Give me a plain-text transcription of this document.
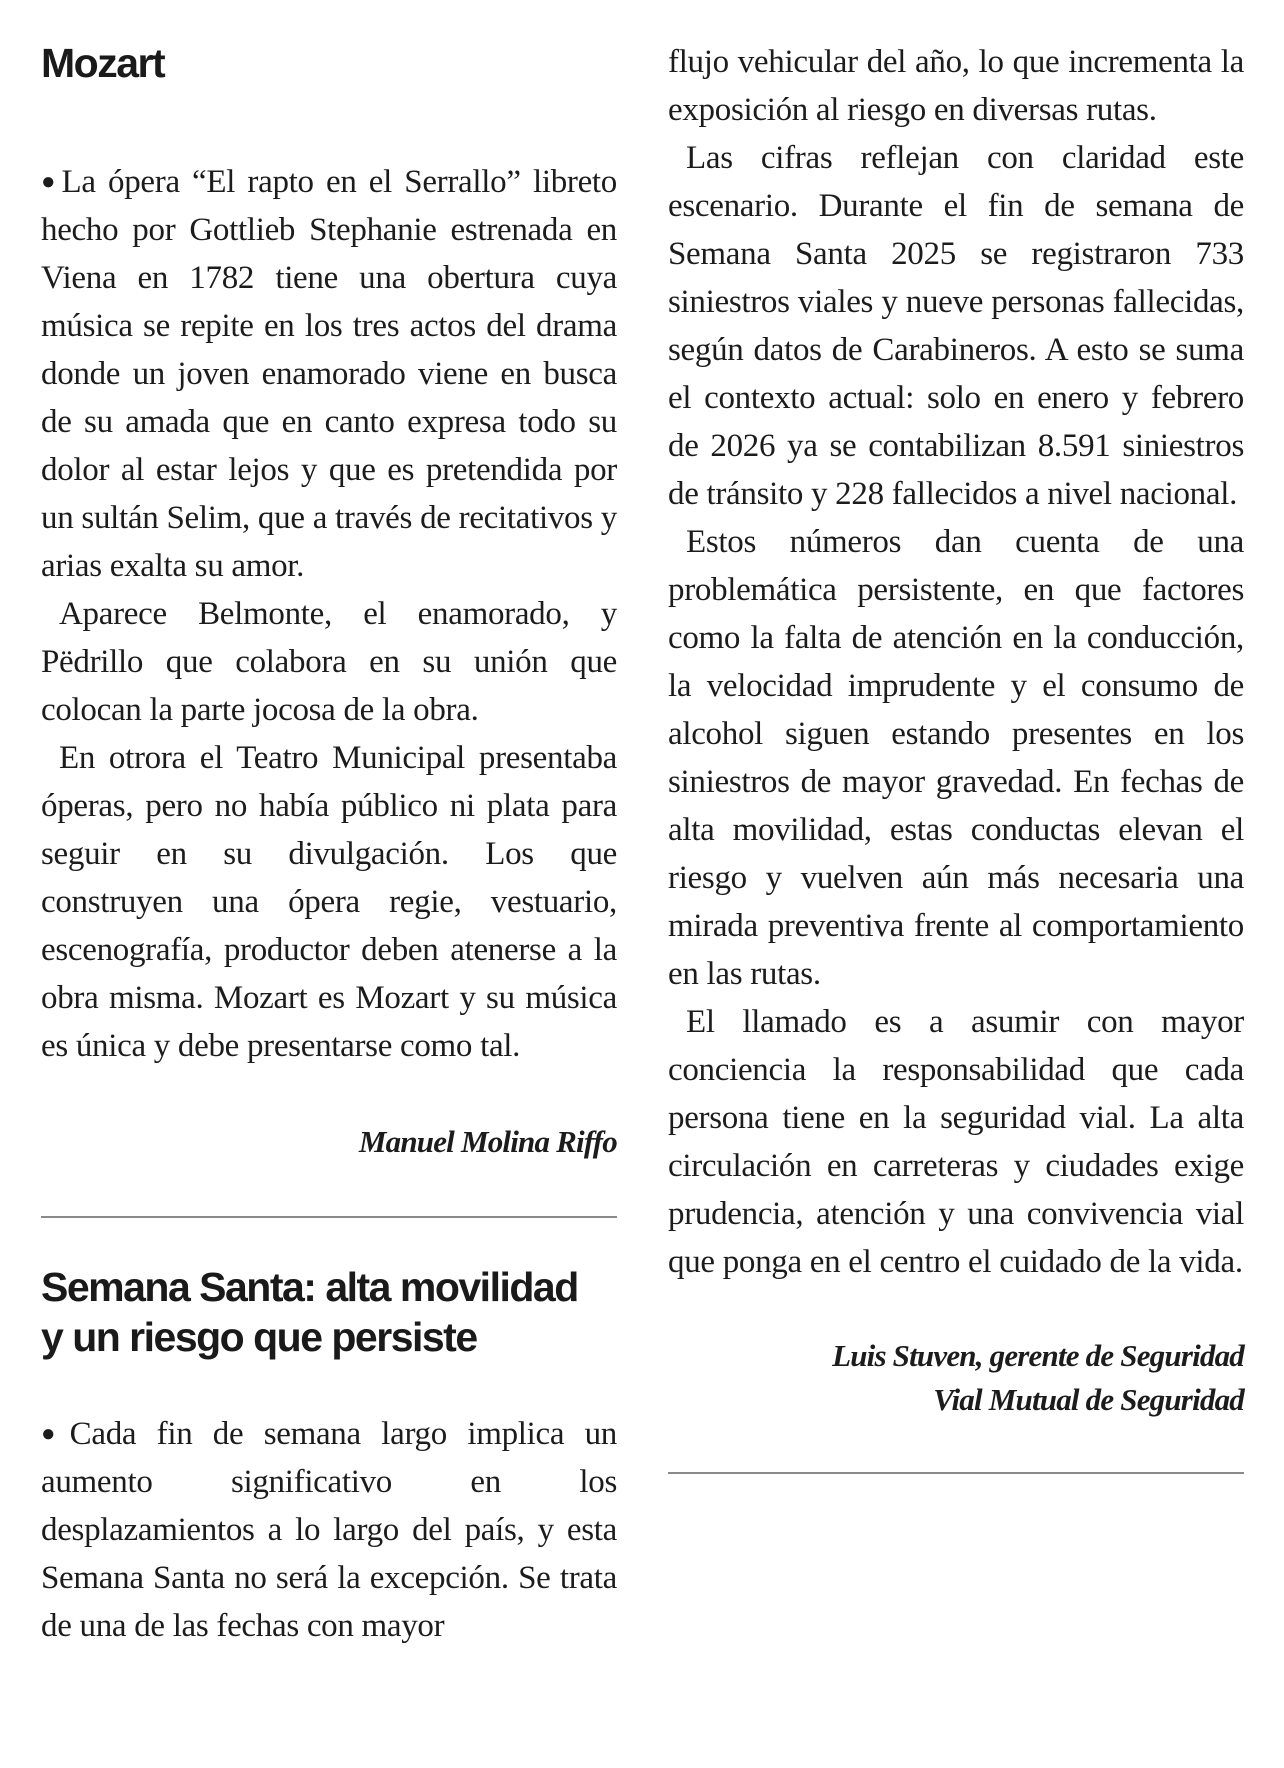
Mozart

●La ópera “El rapto en el Serrallo” libreto hecho por Gottlieb Stephanie estrenada en Viena en 1782 tiene una obertura cuya música se repite en los tres actos del drama donde un joven enamorado viene en busca de su amada que en canto expresa todo su dolor al estar lejos y que es pretendida por un sultán Selim, que a través de recitativos y arias exalta su amor.

Aparece Belmonte, el enamorado, y Pëdrillo que colabora en su unión que colocan la parte jocosa de la obra.

En otrora el Teatro Municipal presentaba óperas, pero no había público ni plata para seguir en su divulgación. Los que construyen una ópera regie, vestuario, escenografía, productor deben atenerse a la obra misma. Mozart es Mozart y su música es única y debe presentarse como tal.

Manuel Molina Riffo

Semana Santa: alta movilidad
y un riesgo que persiste

●Cada fin de semana largo implica un aumento significativo en los desplazamientos a lo largo del país, y esta Semana Santa no será la excepción. Se trata de una de las fechas con mayor

flujo vehicular del año, lo que incrementa la exposición al riesgo en diversas rutas.

Las cifras reflejan con claridad este escenario. Durante el fin de semana de Semana Santa 2025 se registraron 733 siniestros viales y nueve personas fallecidas, según datos de Carabineros. A esto se suma el contexto actual: solo en enero y febrero de 2026 ya se contabilizan 8.591 siniestros de tránsito y 228 fallecidos a nivel nacional.

Estos números dan cuenta de una problemática persistente, en que factores como la falta de atención en la conducción, la velocidad imprudente y el consumo de alcohol siguen estando presentes en los siniestros de mayor gravedad. En fechas de alta movilidad, estas conductas elevan el riesgo y vuelven aún más necesaria una mirada preventiva frente al comportamiento en las rutas.

El llamado es a asumir con mayor conciencia la responsabilidad que cada persona tiene en la seguridad vial. La alta circulación en carreteras y ciudades exige prudencia, atención y una convivencia vial que ponga en el centro el cuidado de la vida.

Luis Stuven, gerente de Seguridad
Vial Mutual de Seguridad
